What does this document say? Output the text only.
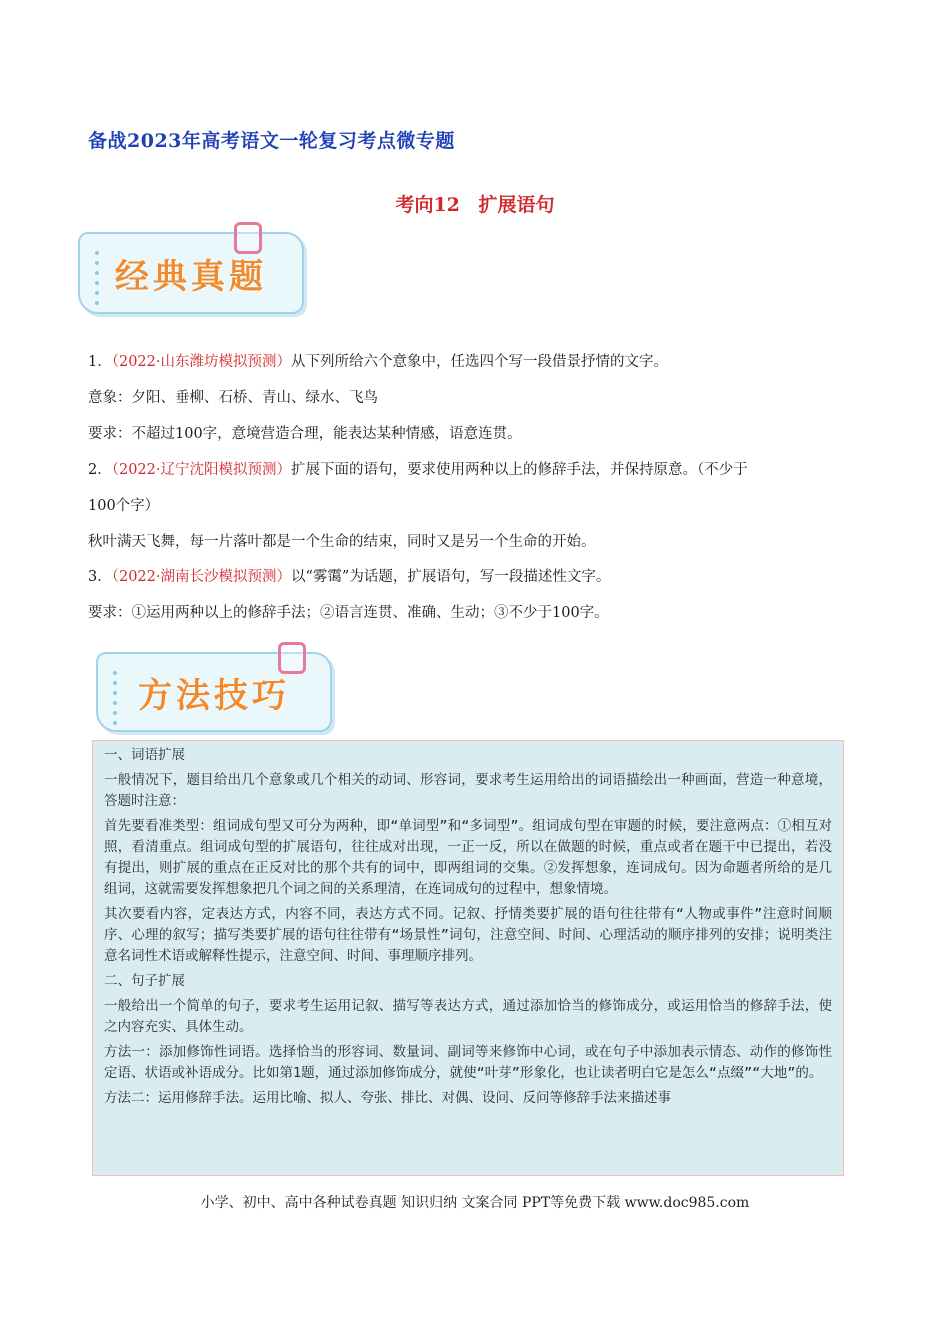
备战2023年高考语文一轮复习考点微专题
考向12 扩展语句
经典真题
1．（2022·山东潍坊模拟预测）从下列所给六个意象中，任选四个写一段借景抒情的文字。
意象：夕阳、垂柳、石桥、青山、绿水、飞鸟
要求：不超过100字，意境营造合理，能表达某种情感，语意连贯。
2．（2022·辽宁沈阳模拟预测）扩展下面的语句，要求使用两种以上的修辞手法，并保持原意。（不少于
100个字）
秋叶满天飞舞，每一片落叶都是一个生命的结束，同时又是另一个生命的开始。
3．（2022·湖南长沙模拟预测）以“雾霭”为话题，扩展语句，写一段描述性文字。
要求：①运用两种以上的修辞手法；②语言连贯、准确、生动；③不少于100字。
方法技巧

一、词语扩展

一般情况下，题目给出几个意象或几个相关的动词、形容词，要求考生运用给出的词语描绘出一种画面，营造一种意境，答题时注意：

首先要看准类型：组词成句型又可分为两种，即“单词型”和“多词型”。组词成句型在审题的时候，要注意两点：①相互对照，看清重点。组词成句型的扩展语句，往往成对出现，一正一反，所以在做题的时候，重点或者在题干中已提出，若没有提出，则扩展的重点在正反对比的那个共有的词中，即两组词的交集。②发挥想象，连词成句。因为命题者所给的是几组词，这就需要发挥想象把几个词之间的关系理清，在连词成句的过程中，想象情境。

其次要看内容，定表达方式，内容不同，表达方式不同。记叙、抒情类要扩展的语句往往带有“人物或事件”注意时间顺序、心理的叙写；描写类要扩展的语句往往带有“场景性”词句，注意空间、时间、心理活动的顺序排列的安排；说明类注意名词性术语或解释性提示，注意空间、时间、事理顺序排列。

二、句子扩展

一般给出一个简单的句子，要求考生运用记叙、描写等表达方式，通过添加恰当的修饰成分，或运用恰当的修辞手法，使之内容充实、具体生动。

方法一：添加修饰性词语。选择恰当的形容词、数量词、副词等来修饰中心词，或在句子中添加表示情态、动作的修饰性定语、状语或补语成分。比如第1题，通过添加修饰成分，就使“叶芽”形象化，也让读者明白它是怎么“点缀”“大地”的。

方法二：运用修辞手法。运用比喻、拟人、夸张、排比、对偶、设问、反问等修辞手法来描述事

小学、初中、高中各种试卷真题 知识归纳 文案合同 PPT等免费下载 www.doc985.com
